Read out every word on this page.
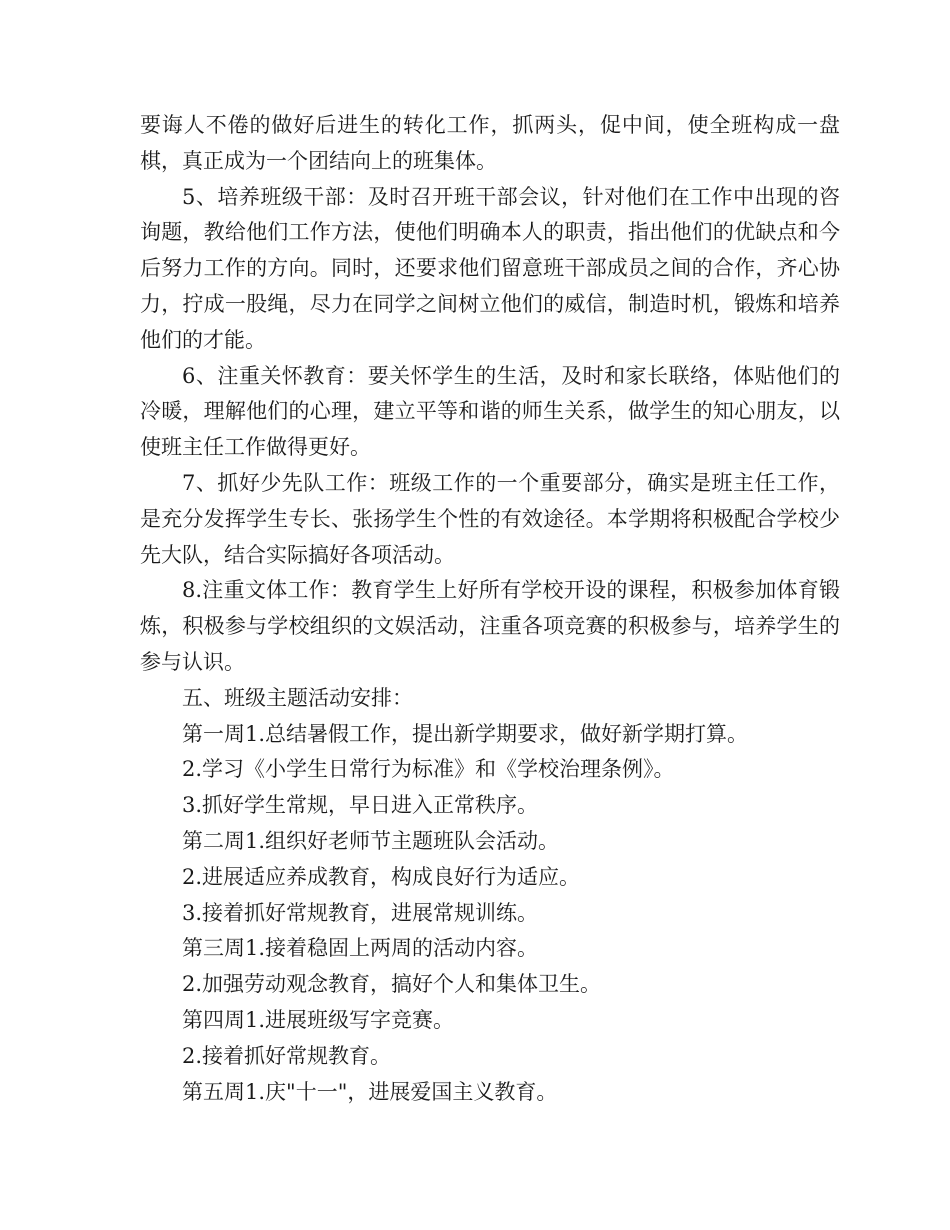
要诲人不倦的做好后进生的转化工作，抓两头，促中间，使全班构成一盘棋，真正成为一个团结向上的班集体。

5、培养班级干部：及时召开班干部会议，针对他们在工作中出现的咨询题，教给他们工作方法，使他们明确本人的职责，指出他们的优缺点和今后努力工作的方向。同时，还要求他们留意班干部成员之间的合作，齐心协力，拧成一股绳，尽力在同学之间树立他们的威信，制造时机，锻炼和培养他们的才能。

6、注重关怀教育：要关怀学生的生活，及时和家长联络，体贴他们的冷暖，理解他们的心理，建立平等和谐的师生关系，做学生的知心朋友，以使班主任工作做得更好。

7、抓好少先队工作：班级工作的一个重要部分，确实是班主任工作，是充分发挥学生专长、张扬学生个性的有效途径。本学期将积极配合学校少先大队，结合实际搞好各项活动。

8.注重文体工作：教育学生上好所有学校开设的课程，积极参加体育锻炼，积极参与学校组织的文娱活动，注重各项竞赛的积极参与，培养学生的参与认识。

五、班级主题活动安排：

第一周1.总结暑假工作，提出新学期要求，做好新学期打算。

2.学习《小学生日常行为标准》和《学校治理条例》。

3.抓好学生常规，早日进入正常秩序。

第二周1.组织好老师节主题班队会活动。

2.进展适应养成教育，构成良好行为适应。

3.接着抓好常规教育，进展常规训练。

第三周1.接着稳固上两周的活动内容。

2.加强劳动观念教育，搞好个人和集体卫生。

第四周1.进展班级写字竞赛。

2.接着抓好常规教育。

第五周1.庆"十一"，进展爱国主义教育。
